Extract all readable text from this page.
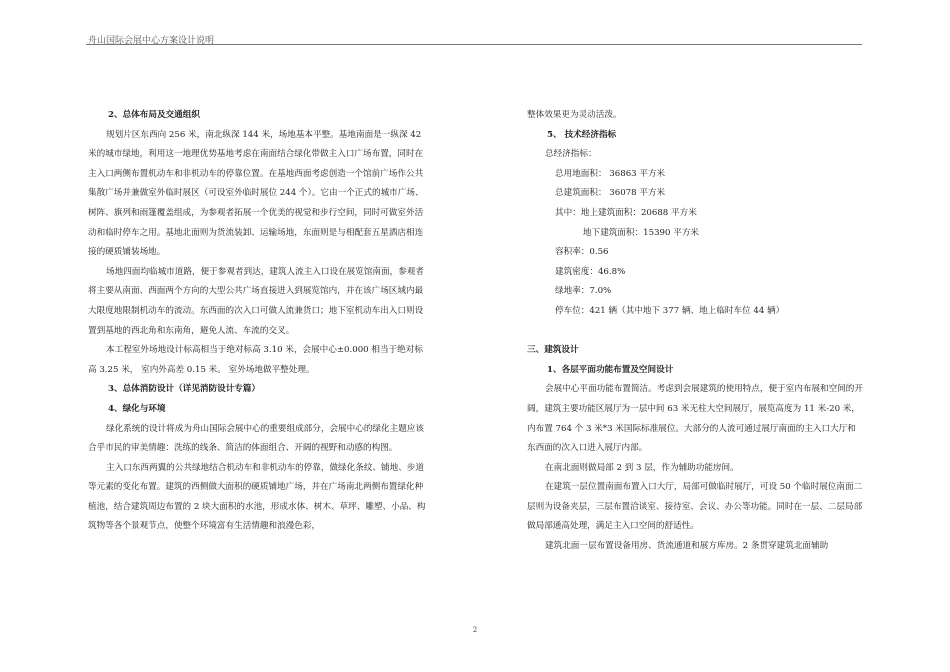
舟山国际会展中心方案设计说明

2、总体布局及交通组织

规划片区东西向 256 米，南北纵深 144 米，场地基本平整。基地南面是一纵深 42 米的城市绿地，利用这一地理优势基地考虑在南面结合绿化带做主入口广场布置，同时在主入口两侧布置机动车和非机动车的停靠位置。在基地西面考虑创造一个馆前广场作公共集散广场并兼做室外临时展区（可设室外临时展位 244 个）。它由一个正式的城市广场、树阵、旗列和雨篷覆盖组成，为参观者拓展一个优美的视觉和步行空间，同时可做室外活动和临时停车之用。基地北面则为货流装卸、运输场地，东面则是与相配套五星酒店相连接的硬质铺装场地。

场地四面均临城市道路，便于参观者到达，建筑人流主入口设在展览馆南面，参观者将主要从南面、西面两个方向的大型公共广场直接进入到展览馆内，并在该广场区域内最大限度地限制机动车的流动。东西面的次入口可做人流兼货口；地下室机动车出入口则设置到基地的西北角和东南角，避免人流、车流的交叉。

本工程室外场地设计标高相当于绝对标高 3.10 米，会展中心±0.000 相当于绝对标高 3.25 米， 室内外高差 0.15 米。 室外场地做平整处理。

3、总体消防设计（详见消防设计专篇）

4、绿化与环境

绿化系统的设计将成为舟山国际会展中心的重要组成部分，会展中心的绿化主题应该合乎市民的审美情趣：洗练的线条、简洁的体面组合、开阔的视野和动感的构图。

主入口东西两翼的公共绿地结合机动车和非机动车的停靠，做绿化条纹、铺地、步道等元素的变化布置。建筑的西侧做大面积的硬质铺地广场，并在广场南北两侧布置绿化种植池，结合建筑周边布置的 2 块大面积的水池，形成水体、树木、草坪、雕塑、小品、构筑物等各个景观节点，使整个环境富有生活情趣和浪漫色彩，

整体效果更为灵动活泼。

5、 技术经济指标

总经济指标：

总用地面积： 36863 平方米

总建筑面积： 36078 平方米

其中：地上建筑面积：20688 平方米

地下建筑面积：15390 平方米

容积率：0.56

建筑密度：46.8%

绿地率：7.0%

停车位：421 辆（其中地下 377 辆、地上临时车位 44 辆）

三、建筑设计

1、各层平面功能布置及空间设计

会展中心平面功能布置简洁。考虑到会展建筑的使用特点，便于室内布展和空间的开阔，建筑主要功能区展厅为一层中间 63 米无柱大空间展厅，展览高度为 11 米-20 米，内布置 764 个 3 米*3 米国际标准展位。大部分的人流可通过展厅南面的主入口大厅和东西面的次入口进入展厅内部。

在南北面则做局部 2 到 3 层，作为辅助功能房间。

在建筑一层位置南面布置入口大厅，局部可做临时展厅，可设 50 个临时展位南面二层则为设备夹层，三层布置洽谈室、接待室、会议、办公等功能。同时在一层、二层局部做局部通高处理，满足主入口空间的舒适性。

建筑北面一层布置设备用房、货流通道和展方库房。2 条贯穿建筑北面辅助

2
